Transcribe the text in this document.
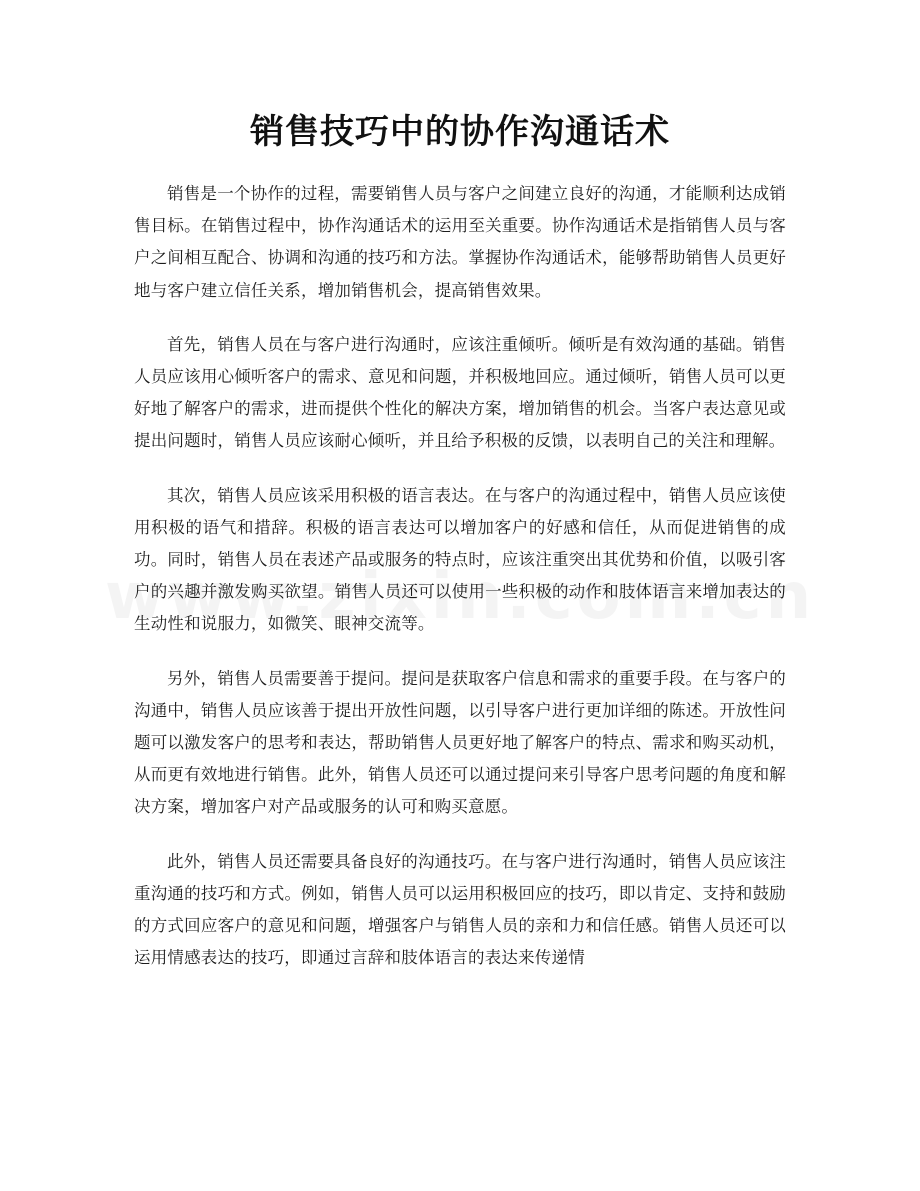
销售技巧中的协作沟通话术

销售是一个协作的过程，需要销售人员与客户之间建立良好的沟通，才能顺利达成销售目标。在销售过程中，协作沟通话术的运用至关重要。协作沟通话术是指销售人员与客户之间相互配合、协调和沟通的技巧和方法。掌握协作沟通话术，能够帮助销售人员更好地与客户建立信任关系，增加销售机会，提高销售效果。

首先，销售人员在与客户进行沟通时，应该注重倾听。倾听是有效沟通的基础。销售人员应该用心倾听客户的需求、意见和问题，并积极地回应。通过倾听，销售人员可以更好地了解客户的需求，进而提供个性化的解决方案，增加销售的机会。当客户表达意见或提出问题时，销售人员应该耐心倾听，并且给予积极的反馈，以表明自己的关注和理解。

其次，销售人员应该采用积极的语言表达。在与客户的沟通过程中，销售人员应该使用积极的语气和措辞。积极的语言表达可以增加客户的好感和信任，从而促进销售的成功。同时，销售人员在表述产品或服务的特点时，应该注重突出其优势和价值，以吸引客户的兴趣并激发购买欲望。销售人员还可以使用一些积极的动作和肢体语言来增加表达的生动性和说服力，如微笑、眼神交流等。

另外，销售人员需要善于提问。提问是获取客户信息和需求的重要手段。在与客户的沟通中，销售人员应该善于提出开放性问题，以引导客户进行更加详细的陈述。开放性问题可以激发客户的思考和表达，帮助销售人员更好地了解客户的特点、需求和购买动机，从而更有效地进行销售。此外，销售人员还可以通过提问来引导客户思考问题的角度和解决方案，增加客户对产品或服务的认可和购买意愿。

此外，销售人员还需要具备良好的沟通技巧。在与客户进行沟通时，销售人员应该注重沟通的技巧和方式。例如，销售人员可以运用积极回应的技巧，即以肯定、支持和鼓励的方式回应客户的意见和问题，增强客户与销售人员的亲和力和信任感。销售人员还可以运用情感表达的技巧，即通过言辞和肢体语言的表达来传递情
